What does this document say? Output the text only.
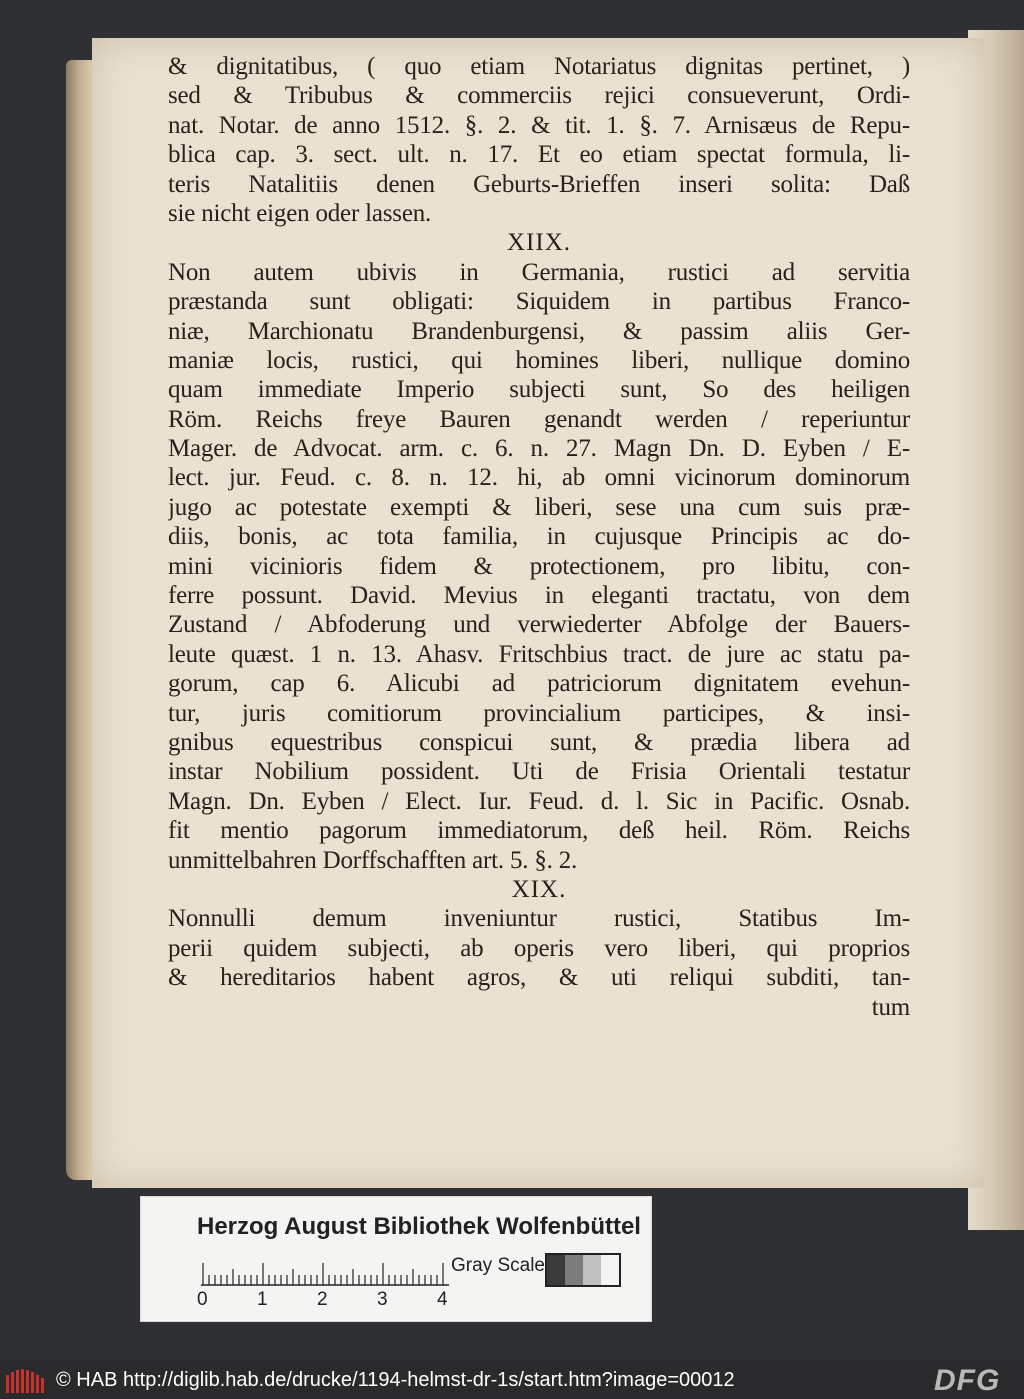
& dignitatibus, ( quo etiam Notariatus dignitas pertinet, )
sed & Tribubus & commerciis rejici consueverunt, Ordi-
nat. Notar. de anno 1512. §. 2. & tit. 1. §. 7. Arnisæus de Repu-
blica cap. 3. sect. ult. n. 17. Et eo etiam spectat formula, li-
teris Natalitiis denen Geburts-Brieffen inseri solita: Daß
sie nicht eigen oder lassen.
XIIX.
Non autem ubivis in Germania, rustici ad servitia
præstanda sunt obligati: Siquidem in partibus Franco-
niæ, Marchionatu Brandenburgensi, & passim aliis Ger-
maniæ locis, rustici, qui homines liberi, nullique domino
quam immediate Imperio subjecti sunt, So des heiligen
Röm. Reichs freye Bauren genandt werden / reperiuntur
Mager. de Advocat. arm. c. 6. n. 27. Magn Dn. D. Eyben / E-
lect. jur. Feud. c. 8. n. 12. hi, ab omni vicinorum dominorum
jugo ac potestate exempti & liberi, sese una cum suis præ-
diis, bonis, ac tota familia, in cujusque Principis ac do-
mini vicinioris fidem & protectionem, pro libitu, con-
ferre possunt. David. Mevius in eleganti tractatu, von dem
Zustand / Abfoderung und verwiederter Abfolge der Bauers-
leute quæst. 1 n. 13. Ahasv. Fritschbius tract. de jure ac statu pa-
gorum, cap 6. Alicubi ad patriciorum dignitatem evehun-
tur, juris comitiorum provincialium participes, & insi-
gnibus equestribus conspicui sunt, & prædia libera ad
instar Nobilium possident. Uti de Frisia Orientali testatur
Magn. Dn. Eyben / Elect. Iur. Feud. d. l. Sic in Pacific. Osnab.
fit mentio pagorum immediatorum, deß heil. Röm. Reichs
unmittelbahren Dorffschafften art. 5. §. 2.
XIX.
Nonnulli demum inveniuntur rustici, Statibus Im-
perii quidem subjecti, ab operis vero liberi, qui proprios
& hereditarios habent agros, & uti reliqui subditi, tan-
tum
Herzog August Bibliothek Wolfenbüttel
0	1	2	3	4
Gray Scale
© HAB http://diglib.hab.de/drucke/1194-helmst-dr-1s/start.htm?image=00012	DFG
